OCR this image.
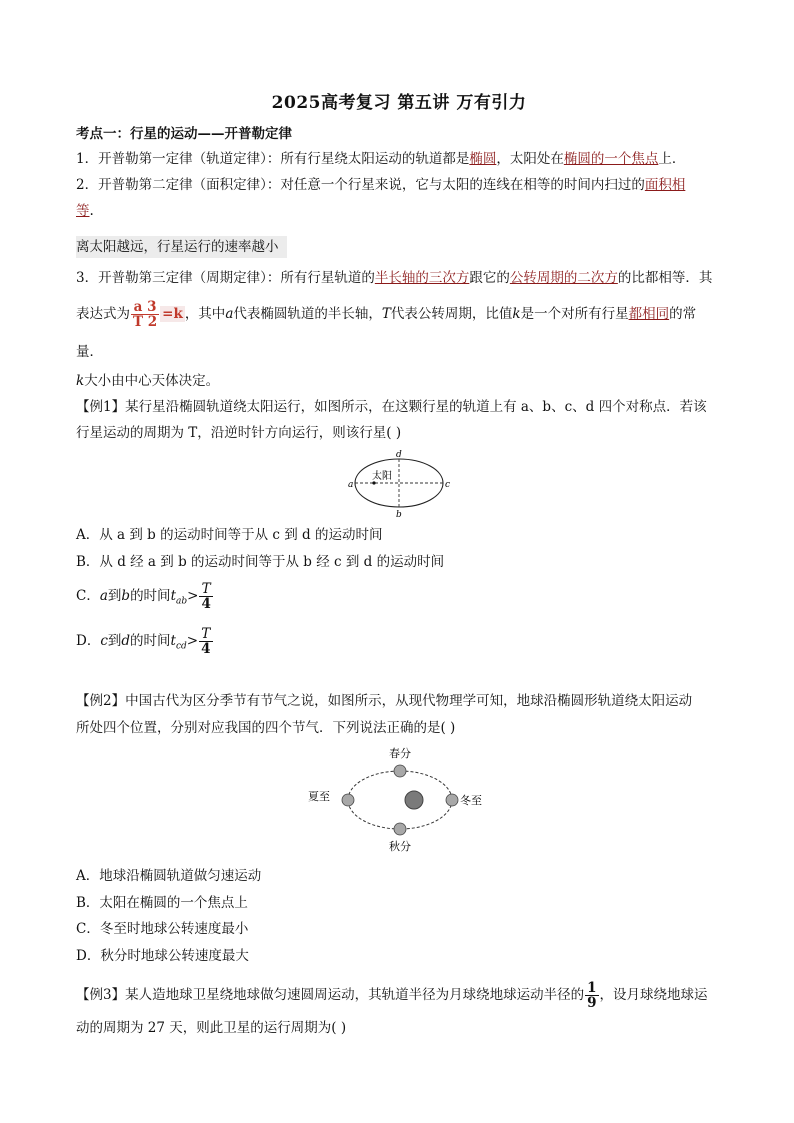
2025高考复习 第五讲 万有引力
考点一：行星的运动——开普勒定律
1．开普勒第一定律（轨道定律）：所有行星绕太阳运动的轨道都是椭圆，太阳处在椭圆的一个焦点上．
2．开普勒第二定律（面积定律）：对任意一个行星来说，它与太阳的连线在相等的时间内扫过的面积相
等.
离太阳越远，行星运行的速率越小
3．开普勒第三定律（周期定律）：所有行星轨道的半长轴的三次方跟它的公转周期的二次方的比都相等．其
表达式为 $\frac{a 3}{T 2} =k$ ，其中a代表椭圆轨道的半长轴，T代表公转周期，比值k是一个对所有行星都相同的常
量．
k大小由中心天体决定。
【例1】某行星沿椭圆轨道绕太阳运行，如图所示，在这颗行星的轨道上有 a、b、c、d 四个对称点．若该
行星运动的周期为 T，沿逆时针方向运行，则该行星( )
太阳
a	c
d
b
A．从 a 到 b 的运动时间等于从 c 到 d 的运动时间
B．从 d 经 a 到 b 的运动时间等于从 b 经 c 到 d 的运动时间
C．a到b的时间$t_{ab}> \frac{T}{4}$
D．c到d的时间$t_{cd}> \frac{T}{4}$
【例2】中国古代为区分季节有节气之说，如图所示，从现代物理学可知，地球沿椭圆形轨道绕太阳运动
所处四个位置，分别对应我国的四个节气．下列说法正确的是( )
春分
夏至	冬至
秋分
A．地球沿椭圆轨道做匀速运动
B．太阳在椭圆的一个焦点上
C．冬至时地球公转速度最小
D．秋分时地球公转速度最大
【例3】某人造地球卫星绕地球做匀速圆周运动，其轨道半径为月球绕地球运动半径的 $\frac{1}{9}$ ，设月球绕地球运
动的周期为 27 天，则此卫星的运行周期为( )
